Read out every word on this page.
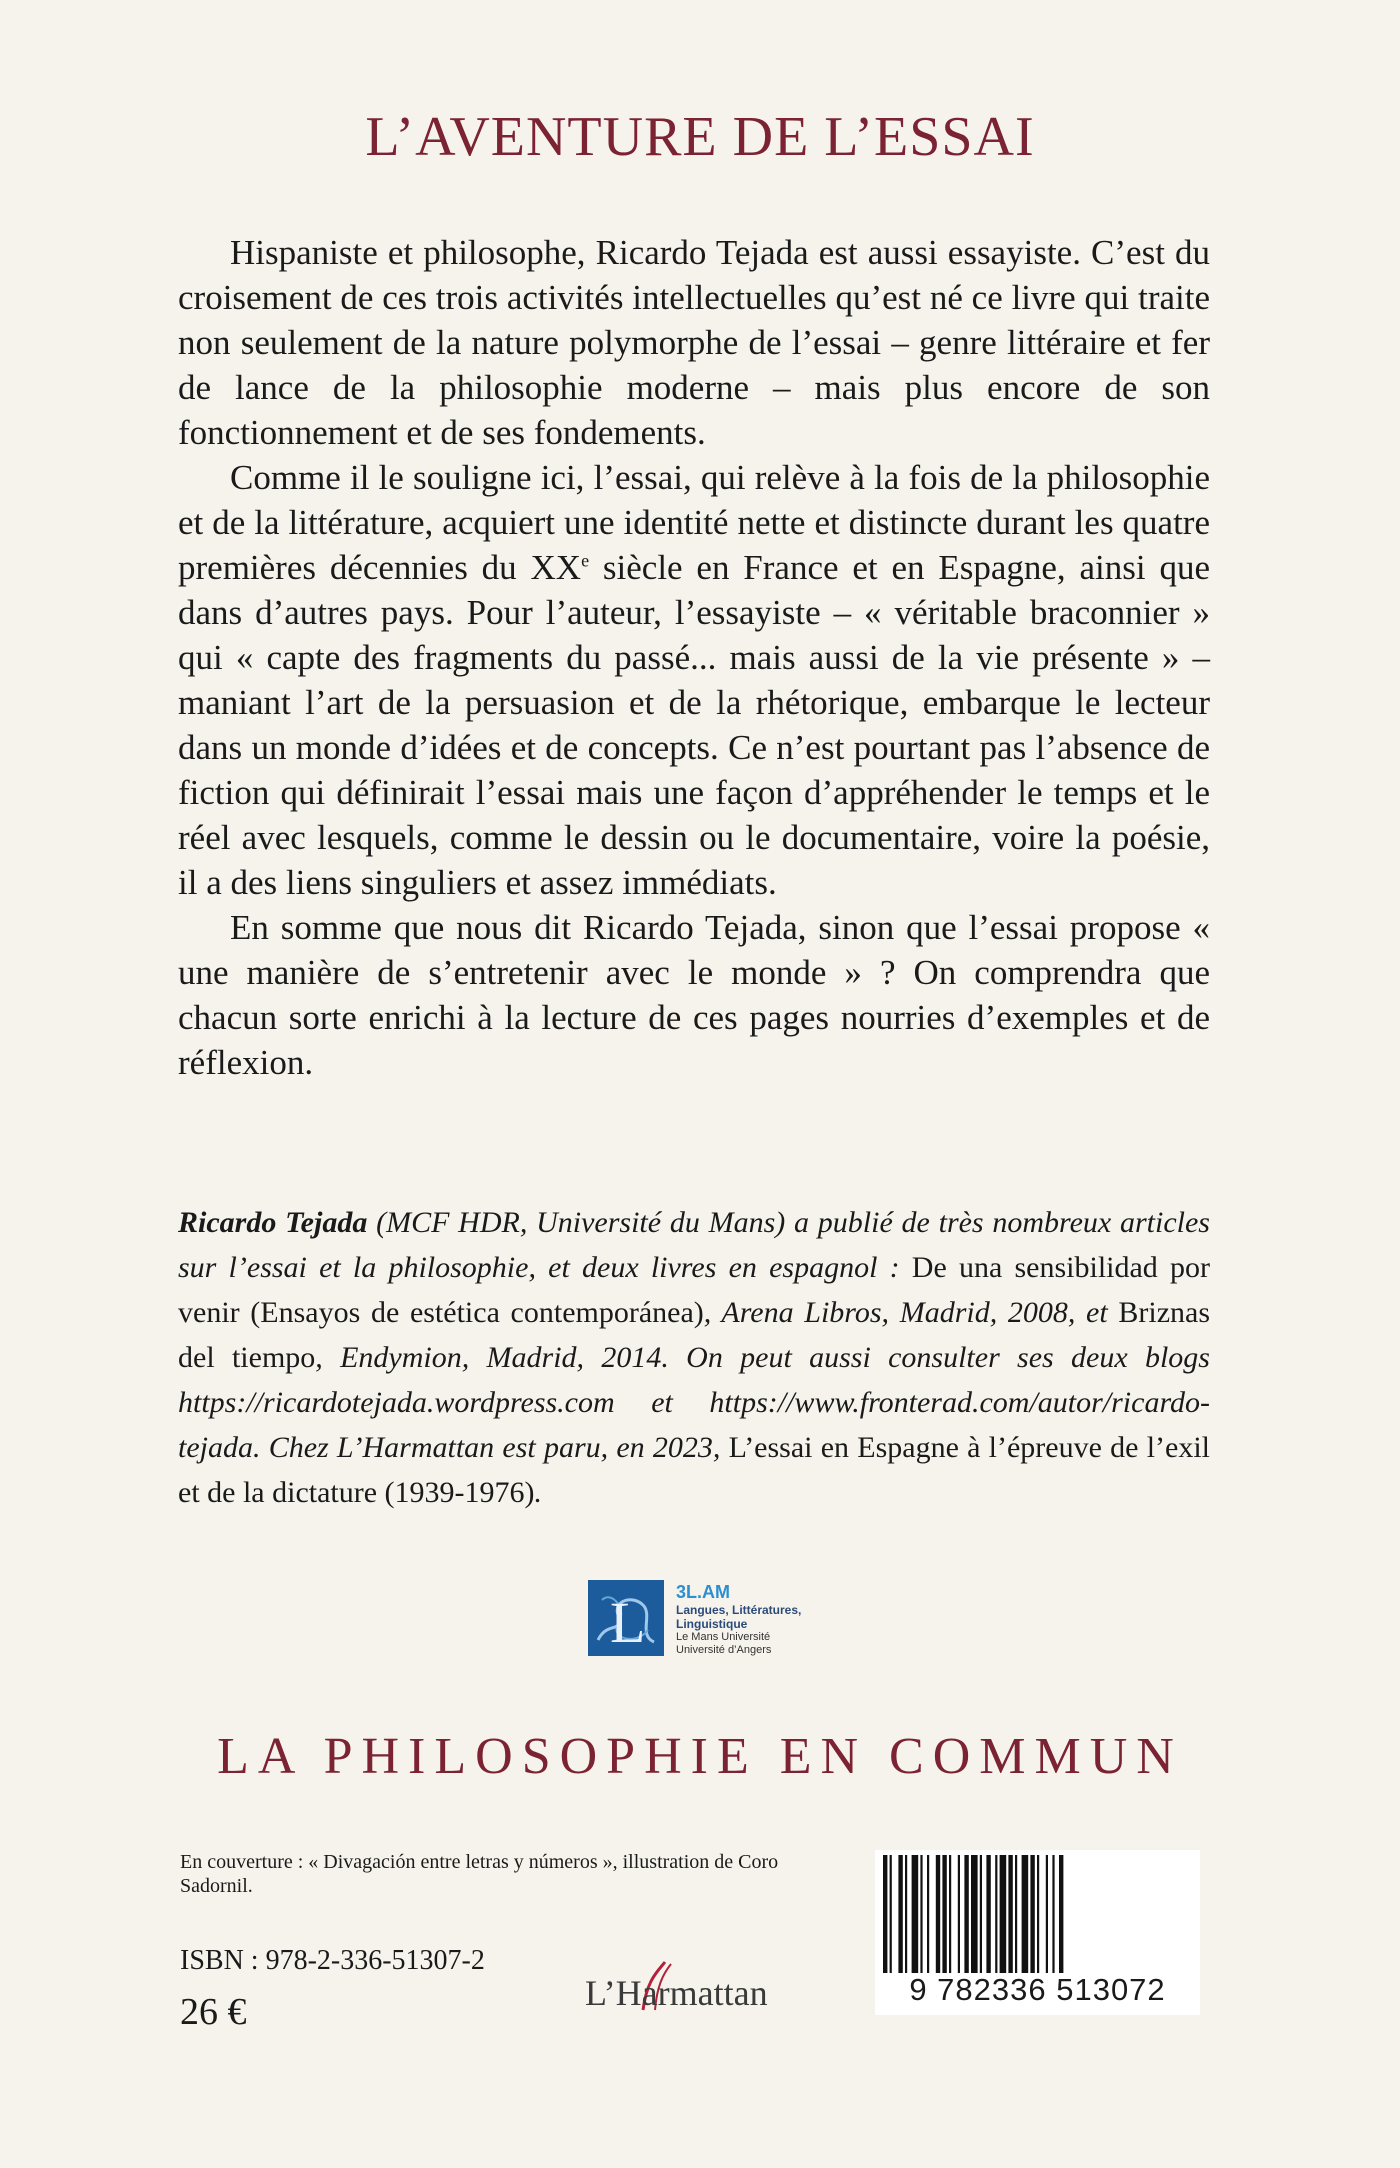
L’AVENTURE DE L’ESSAI

Hispaniste et philosophe, Ricardo Tejada est aussi essayiste. C’est du croisement de ces trois activités intellectuelles qu’est né ce livre qui traite non seulement de la nature polymorphe de l’essai – genre littéraire et fer de lance de la philosophie moderne – mais plus encore de son fonctionnement et de ses fondements.

Comme il le souligne ici, l’essai, qui relève à la fois de la philosophie et de la littérature, acquiert une identité nette et distincte durant les quatre premières décennies du XXe siècle en France et en Espagne, ainsi que dans d’autres pays. Pour l’auteur, l’essayiste – « véritable braconnier » qui « capte des fragments du passé... mais aussi de la vie présente » – maniant l’art de la persuasion et de la rhétorique, embarque le lecteur dans un monde d’idées et de concepts. Ce n’est pourtant pas l’absence de fiction qui définirait l’essai mais une façon d’appréhender le temps et le réel avec lesquels, comme le dessin ou le documentaire, voire la poésie, il a des liens singuliers et assez immédiats.

En somme que nous dit Ricardo Tejada, sinon que l’essai propose « une manière de s’entretenir avec le monde » ? On comprendra que chacun sorte enrichi à la lecture de ces pages nourries d’exemples et de réflexion.

Ricardo Tejada (MCF HDR, Université du Mans) a publié de très nombreux articles sur l’essai et la philosophie, et deux livres en espagnol : De una sensibilidad por venir (Ensayos de estética contemporánea), Arena Libros, Madrid, 2008, et Briznas del tiempo, Endymion, Madrid, 2014. On peut aussi consulter ses deux blogs https://ricardotejada.wordpress.com et https://www.fronterad.com/autor/ricardo-tejada. Chez L’Harmattan est paru, en 2023, L’essai en Espagne à l’épreuve de l’exil et de la dictature (1939-1976).
L 3L.AM
Langues, Littératures,
Linguistique
Le Mans Université
Université d’Angers
LA PHILOSOPHIE EN COMMUN
En couverture : « Divagación entre letras y números », illustration de Coro Sadornil.
ISBN : 978-2-336-51307-2
26 €	L’Harmattan	9 782336 513072
